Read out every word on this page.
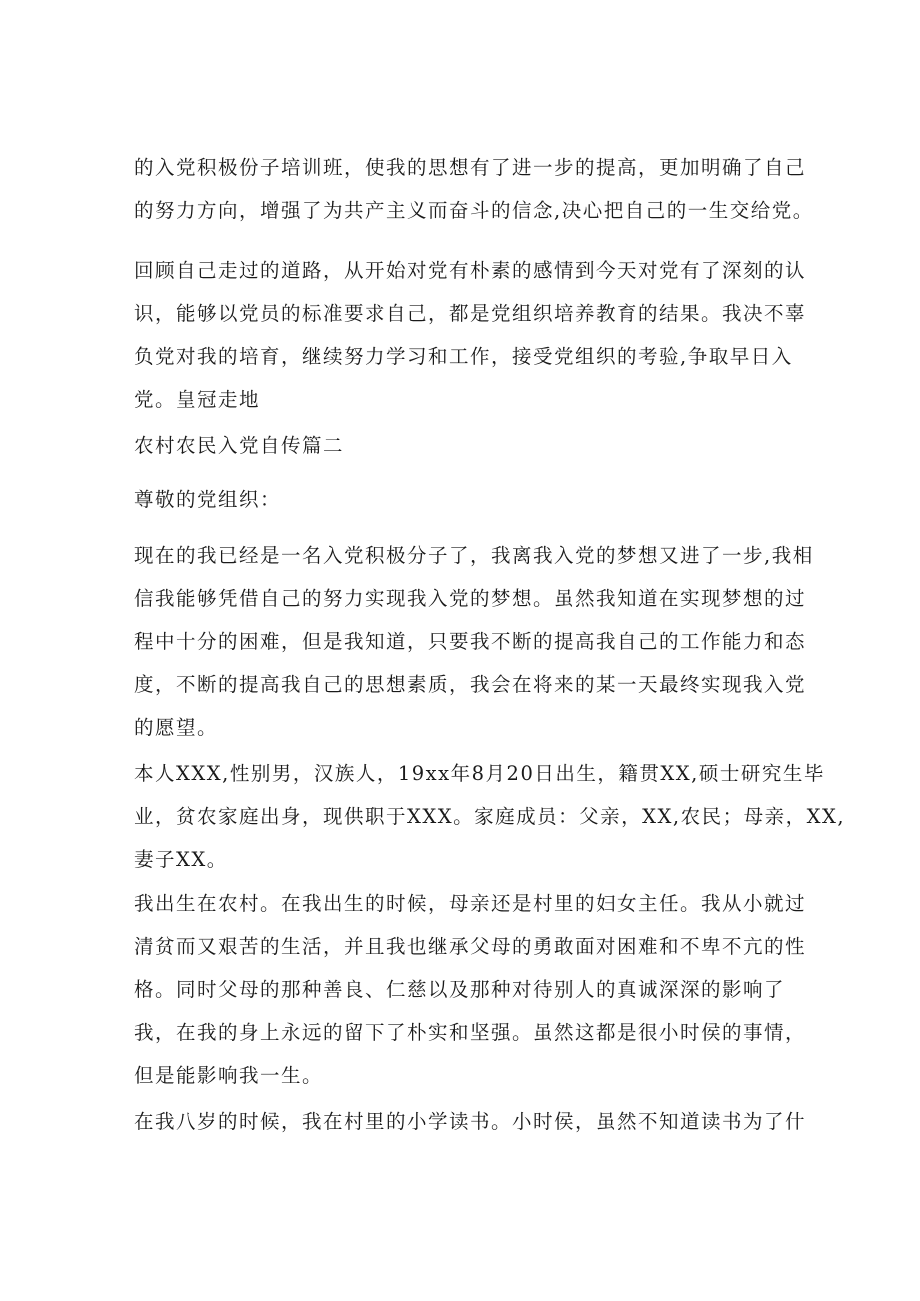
的入党积极份子培训班，使我的思想有了进一步的提高，更加明确了自己
的努力方向，增强了为共产主义而奋斗的信念,决心把自己的一生交给党。
回顾自己走过的道路，从开始对党有朴素的感情到今天对党有了深刻的认
识，能够以党员的标准要求自己，都是党组织培养教育的结果。我决不辜
负党对我的培育，继续努力学习和工作，接受党组织的考验,争取早日入
党。皇冠走地
农村农民入党自传篇二
尊敬的党组织：
现在的我已经是一名入党积极分子了，我离我入党的梦想又进了一步,我相
信我能够凭借自己的努力实现我入党的梦想。虽然我知道在实现梦想的过
程中十分的困难，但是我知道，只要我不断的提高我自己的工作能力和态
度，不断的提高我自己的思想素质，我会在将来的某一天最终实现我入党
的愿望。
本人XXX,性别男，汉族人，19xx年8月20日出生，籍贯XX,硕士研究生毕
业，贫农家庭出身，现供职于XXX。家庭成员：父亲，XX,农民；母亲，XX,
妻子XX。
我出生在农村。在我出生的时候，母亲还是村里的妇女主任。我从小就过
清贫而又艰苦的生活，并且我也继承父母的勇敢面对困难和不卑不亢的性
格。同时父母的那种善良、仁慈以及那种对待别人的真诚深深的影响了
我，在我的身上永远的留下了朴实和坚强。虽然这都是很小时侯的事情，
但是能影响我一生。
在我八岁的时候，我在村里的小学读书。小时侯，虽然不知道读书为了什
